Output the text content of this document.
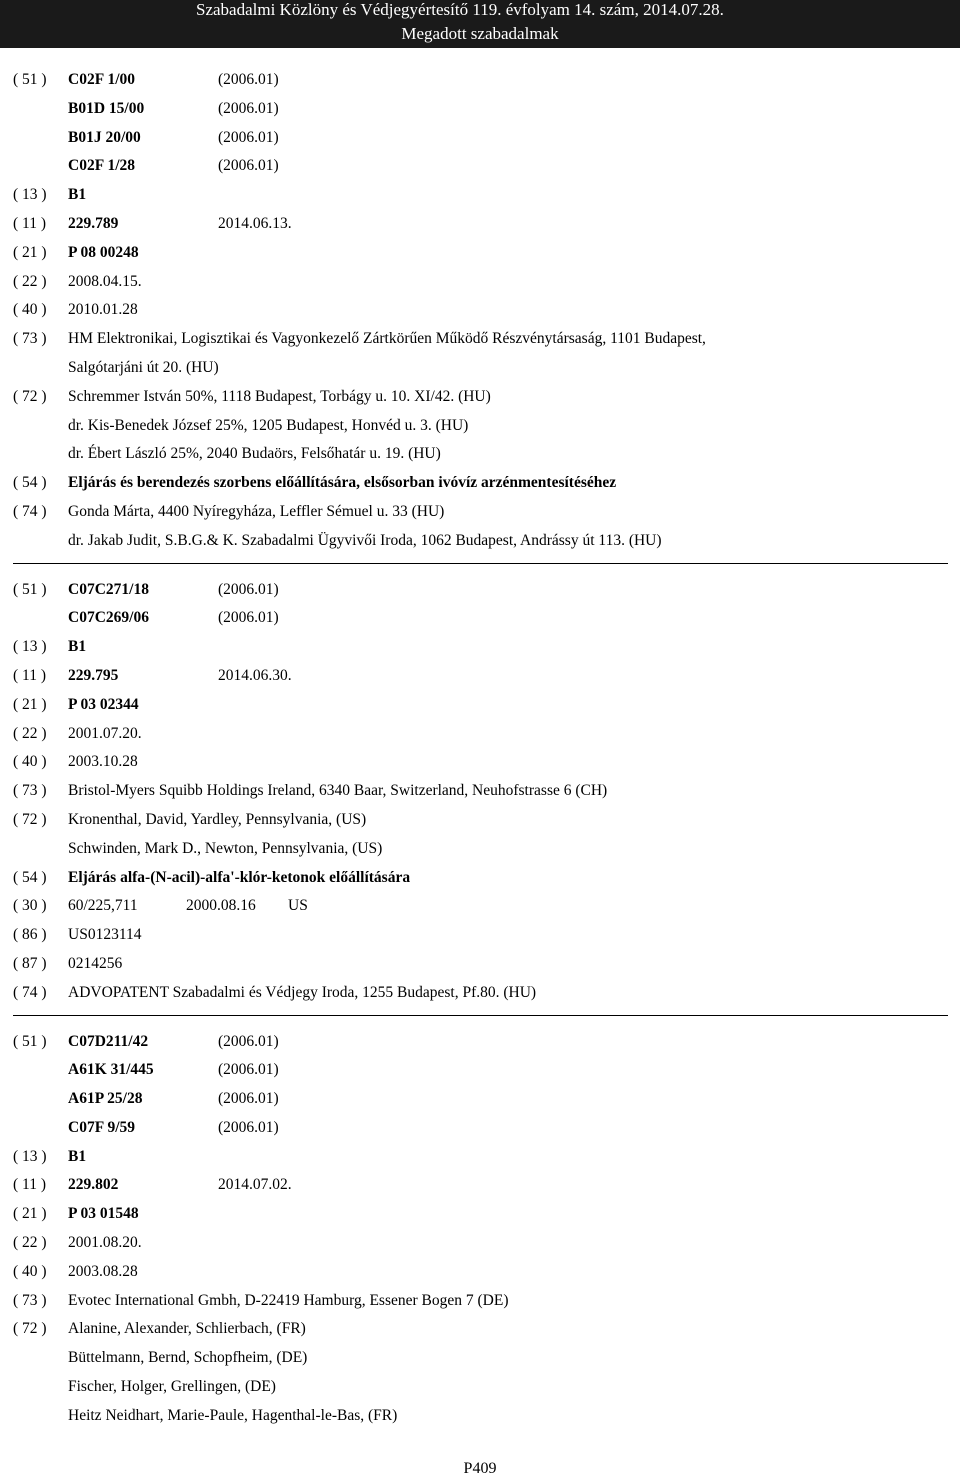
Szabadalmi Közlöny és Védjegyértesítő 119. évfolyam 14. szám, 2014.07.28.
Megadott szabadalmak
( 51 )	C02F 1/00	(2006.01)
B01D 15/00	(2006.01)
B01J 20/00	(2006.01)
C02F 1/28	(2006.01)
( 13 )	B1
( 11 )	229.789	2014.06.13.
( 21 )	P 08 00248
( 22 )	2008.04.15.
( 40 )	2010.01.28
( 73 )	HM Elektronikai, Logisztikai és Vagyonkezelő Zártkörűen Működő Részvénytársaság, 1101 Budapest,
Salgótarjáni út 20. (HU)
( 72 )	Schremmer István 50%, 1118 Budapest, Torbágy u. 10. XI/42. (HU)
dr. Kis-Benedek József 25%, 1205 Budapest, Honvéd u. 3. (HU)
dr. Ébert László 25%, 2040 Budaörs, Felsőhatár u. 19. (HU)
( 54 )	Eljárás és berendezés szorbens előállítására, elsősorban ivóvíz arzénmentesítéséhez
( 74 )	Gonda Márta, 4400 Nyíregyháza, Leffler Sémuel u. 33 (HU)
dr. Jakab Judit, S.B.G.& K. Szabadalmi Ügyvivői Iroda, 1062 Budapest, Andrássy út 113. (HU)
( 51 )	C07C271/18	(2006.01)
C07C269/06	(2006.01)
( 13 )	B1
( 11 )	229.795	2014.06.30.
( 21 )	P 03 02344
( 22 )	2001.07.20.
( 40 )	2003.10.28
( 73 )	Bristol-Myers Squibb Holdings Ireland, 6340 Baar, Switzerland, Neuhofstrasse 6 (CH)
( 72 )	Kronenthal, David, Yardley, Pennsylvania, (US)
Schwinden, Mark D., Newton, Pennsylvania, (US)
( 54 )	Eljárás alfa-(N-acil)-alfa'-klór-ketonok előállítására
( 30 )	60/225,711	2000.08.16 US
( 86 )	US0123114
( 87 )	0214256
( 74 )	ADVOPATENT Szabadalmi és Védjegy Iroda, 1255 Budapest, Pf.80. (HU)
( 51 )	C07D211/42	(2006.01)
A61K 31/445	(2006.01)
A61P 25/28	(2006.01)
C07F 9/59	(2006.01)
( 13 )	B1
( 11 )	229.802	2014.07.02.
( 21 )	P 03 01548
( 22 )	2001.08.20.
( 40 )	2003.08.28
( 73 )	Evotec International Gmbh, D-22419 Hamburg, Essener Bogen 7 (DE)
( 72 )	Alanine, Alexander, Schlierbach, (FR)
Büttelmann, Bernd, Schopfheim, (DE)
Fischer, Holger, Grellingen, (DE)
Heitz Neidhart, Marie-Paule, Hagenthal-le-Bas, (FR)
P409
